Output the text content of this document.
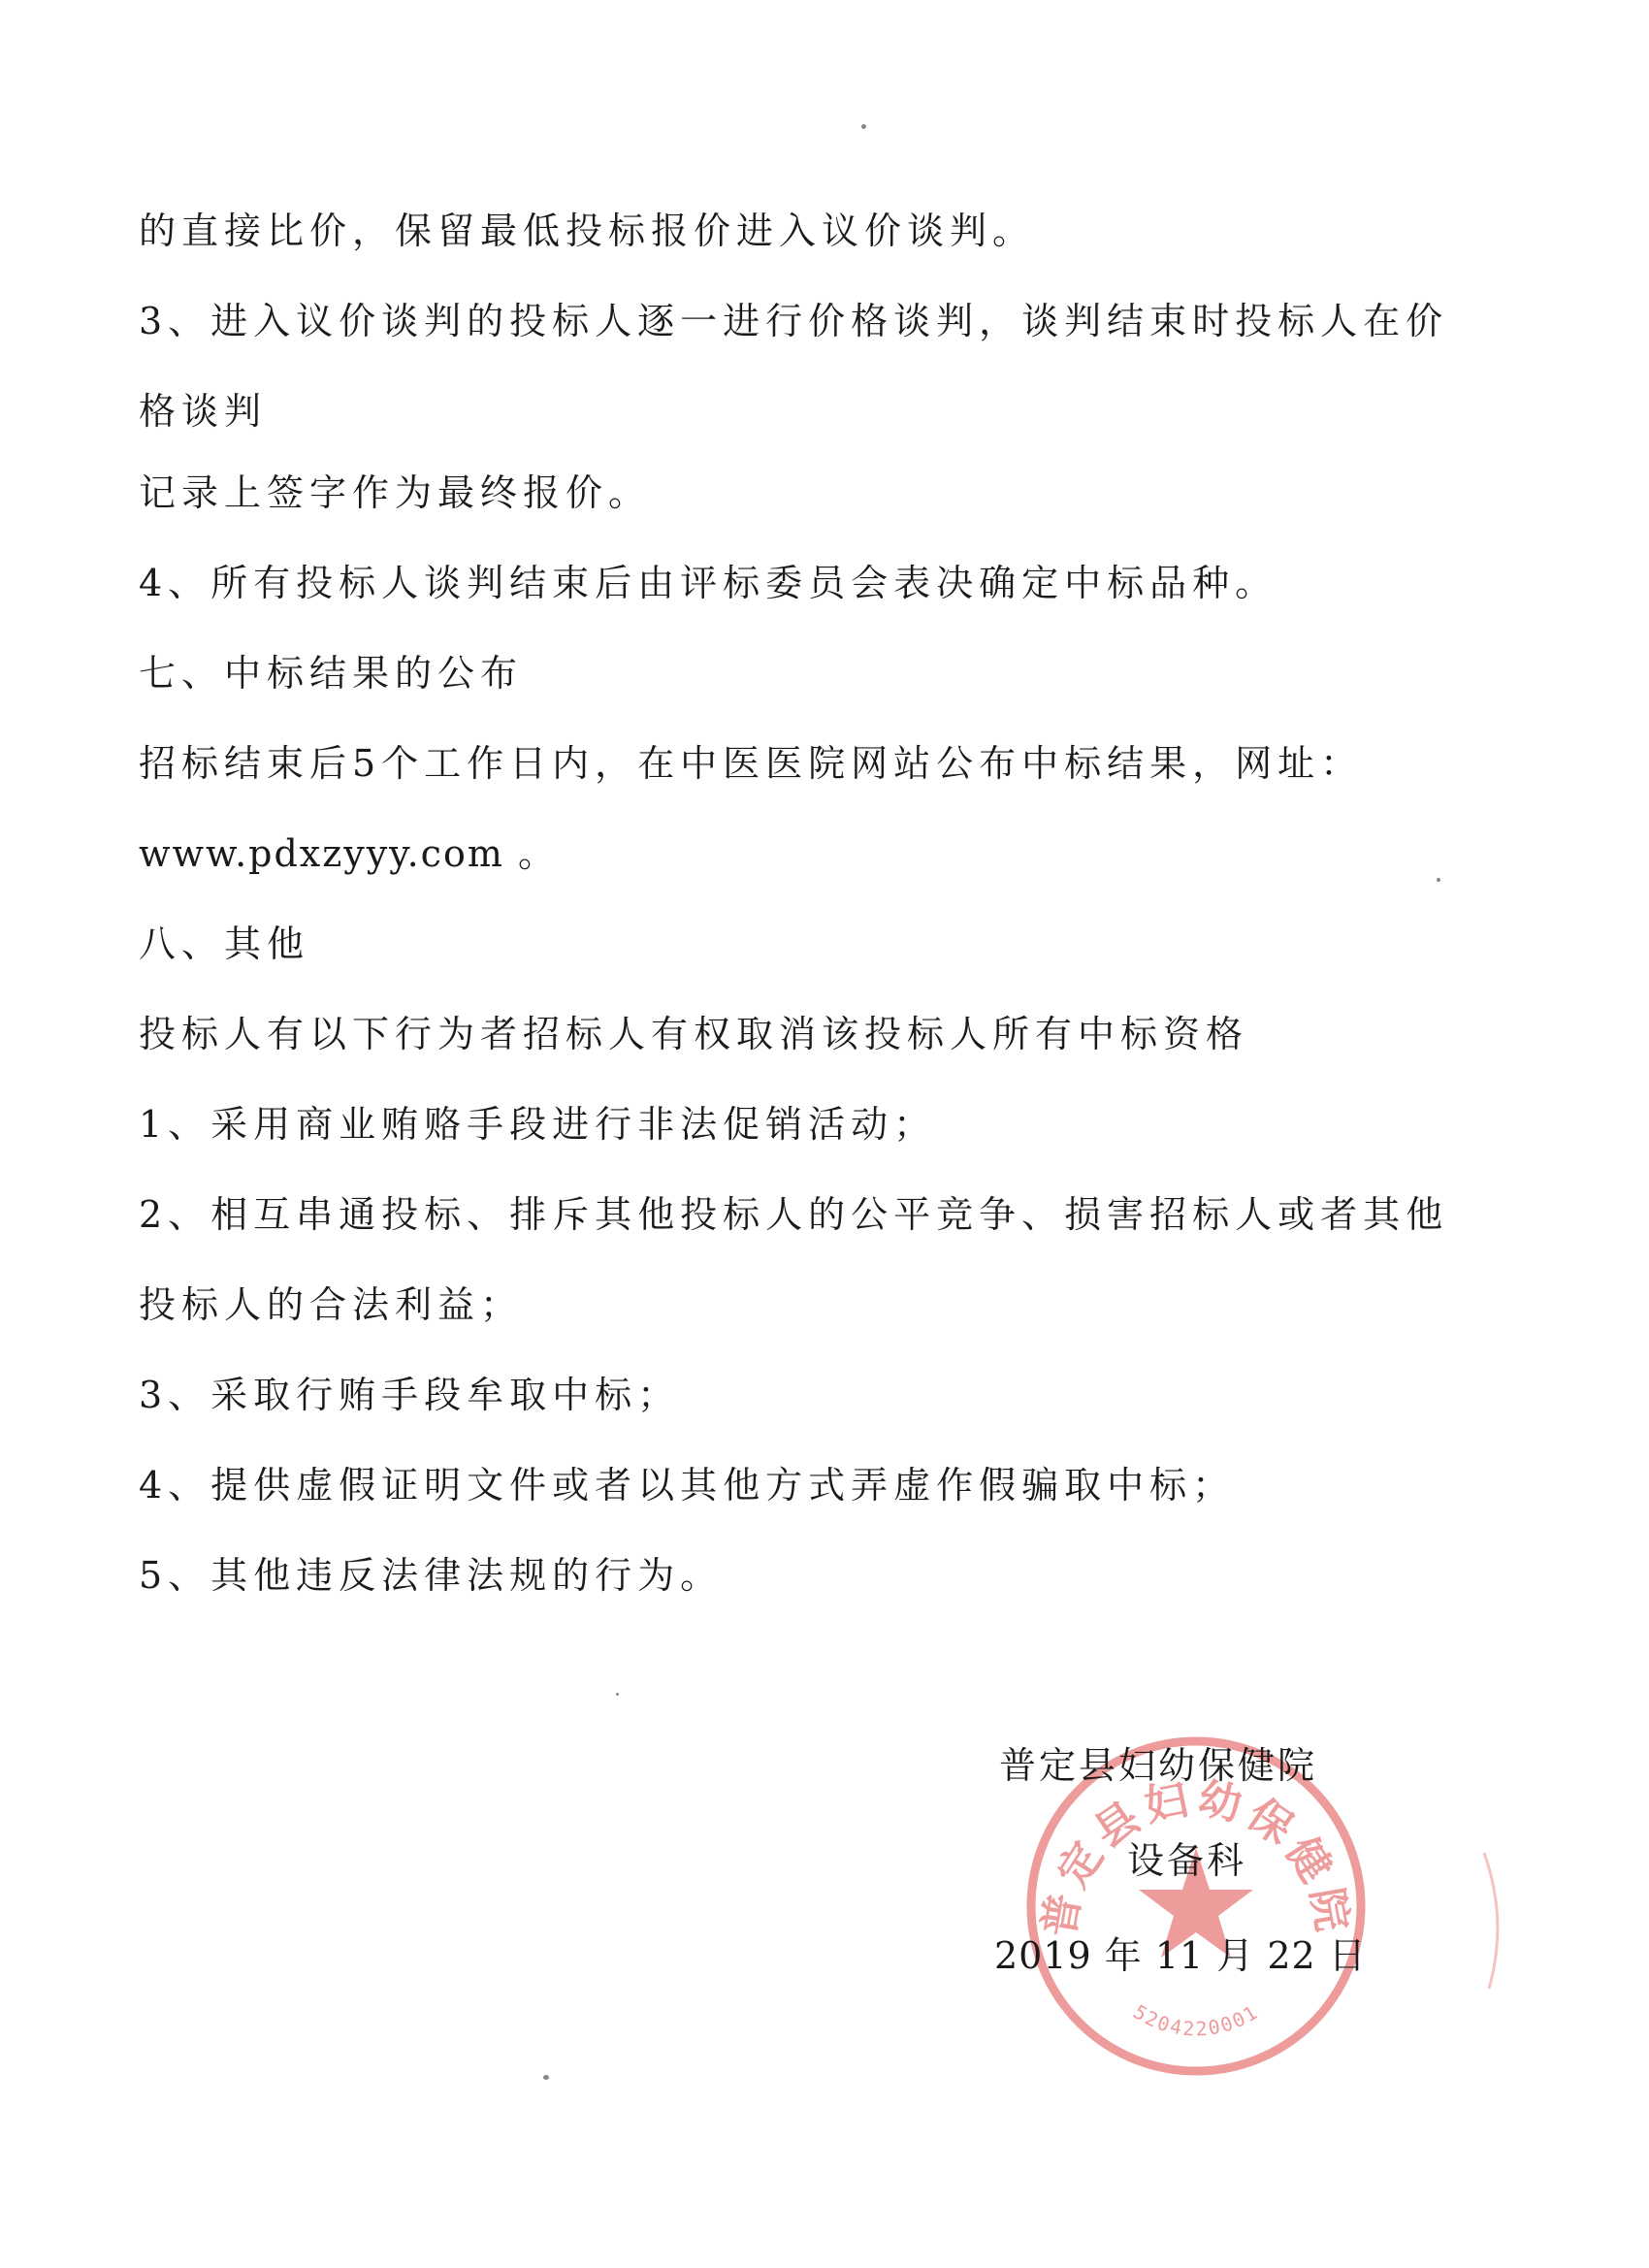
的直接比价，保留最低投标报价进入议价谈判。
3、进入议价谈判的投标人逐一进行价格谈判，谈判结束时投标人在价
格谈判
记录上签字作为最终报价。
4、所有投标人谈判结束后由评标委员会表决确定中标品种。
七、中标结果的公布
招标结束后5个工作日内，在中医医院网站公布中标结果，网址：
www.pdxzyyy.com 。
八、其他
投标人有以下行为者招标人有权取消该投标人所有中标资格
1、采用商业贿赂手段进行非法促销活动；
2、相互串通投标、排斥其他投标人的公平竞争、损害招标人或者其他
投标人的合法利益；
3、采取行贿手段牟取中标；
4、提供虚假证明文件或者以其他方式弄虚作假骗取中标；
5、其他违反法律法规的行为。
普定县妇幼保健院
5204220001
普定县妇幼保健院
设备科
2019 年 11 月 22 日
